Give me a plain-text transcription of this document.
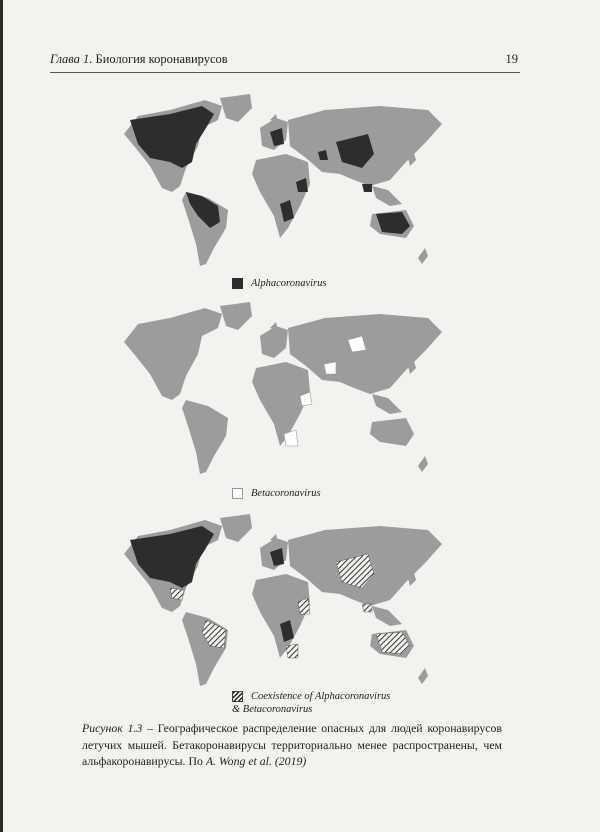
Глава 1. Биология коронавирусов	19
Alphacoronavirus
Betacoronavirus
Coexistence of Alphacoronavirus
& Betacoronavirus
Рисунок 1.3 – Географическое распределение опасных для людей коронавирусов летучих мышей. Бетакоронавирусы территориально менее распространены, чем альфакоронавирусы. По A. Wong et al. (2019)
